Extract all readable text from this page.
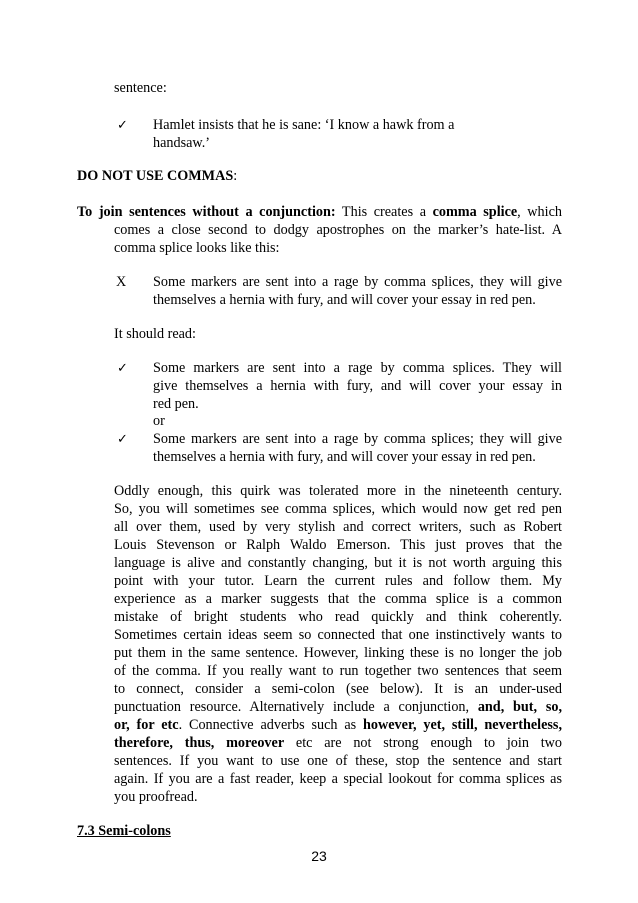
sentence:
✓ Hamlet insists that he is sane: ‘I know a hawk from a
handsaw.’
DO NOT USE COMMAS:
To join sentences without a conjunction: This creates a comma splice, which
comes a close second to dodgy apostrophes on the marker’s hate-list. A
comma splice looks like this:
X Some markers are sent into a rage by comma splices, they will give
themselves a hernia with fury, and will cover your essay in red pen.
It should read:
✓ Some markers are sent into a rage by comma splices. They will
give themselves a hernia with fury, and will cover your essay in
red pen.
or
✓ Some markers are sent into a rage by comma splices; they will give
themselves a hernia with fury, and will cover your essay in red pen.
Oddly enough, this quirk was tolerated more in the nineteenth century.
So, you will sometimes see comma splices, which would now get red pen
all over them, used by very stylish and correct writers, such as Robert
Louis Stevenson or Ralph Waldo Emerson. This just proves that the
language is alive and constantly changing, but it is not worth arguing this
point with your tutor. Learn the current rules and follow them. My
experience as a marker suggests that the comma splice is a common
mistake of bright students who read quickly and think coherently.
Sometimes certain ideas seem so connected that one instinctively wants to
put them in the same sentence. However, linking these is no longer the job
of the comma. If you really want to run together two sentences that seem
to connect, consider a semi-colon (see below). It is an under-used
punctuation resource. Alternatively include a conjunction, and, but, so,
or, for etc. Connective adverbs such as however, yet, still, nevertheless,
therefore, thus, moreover etc are not strong enough to join two
sentences. If you want to use one of these, stop the sentence and start
again. If you are a fast reader, keep a special lookout for comma splices as
you proofread.
7.3 Semi-colons
23
